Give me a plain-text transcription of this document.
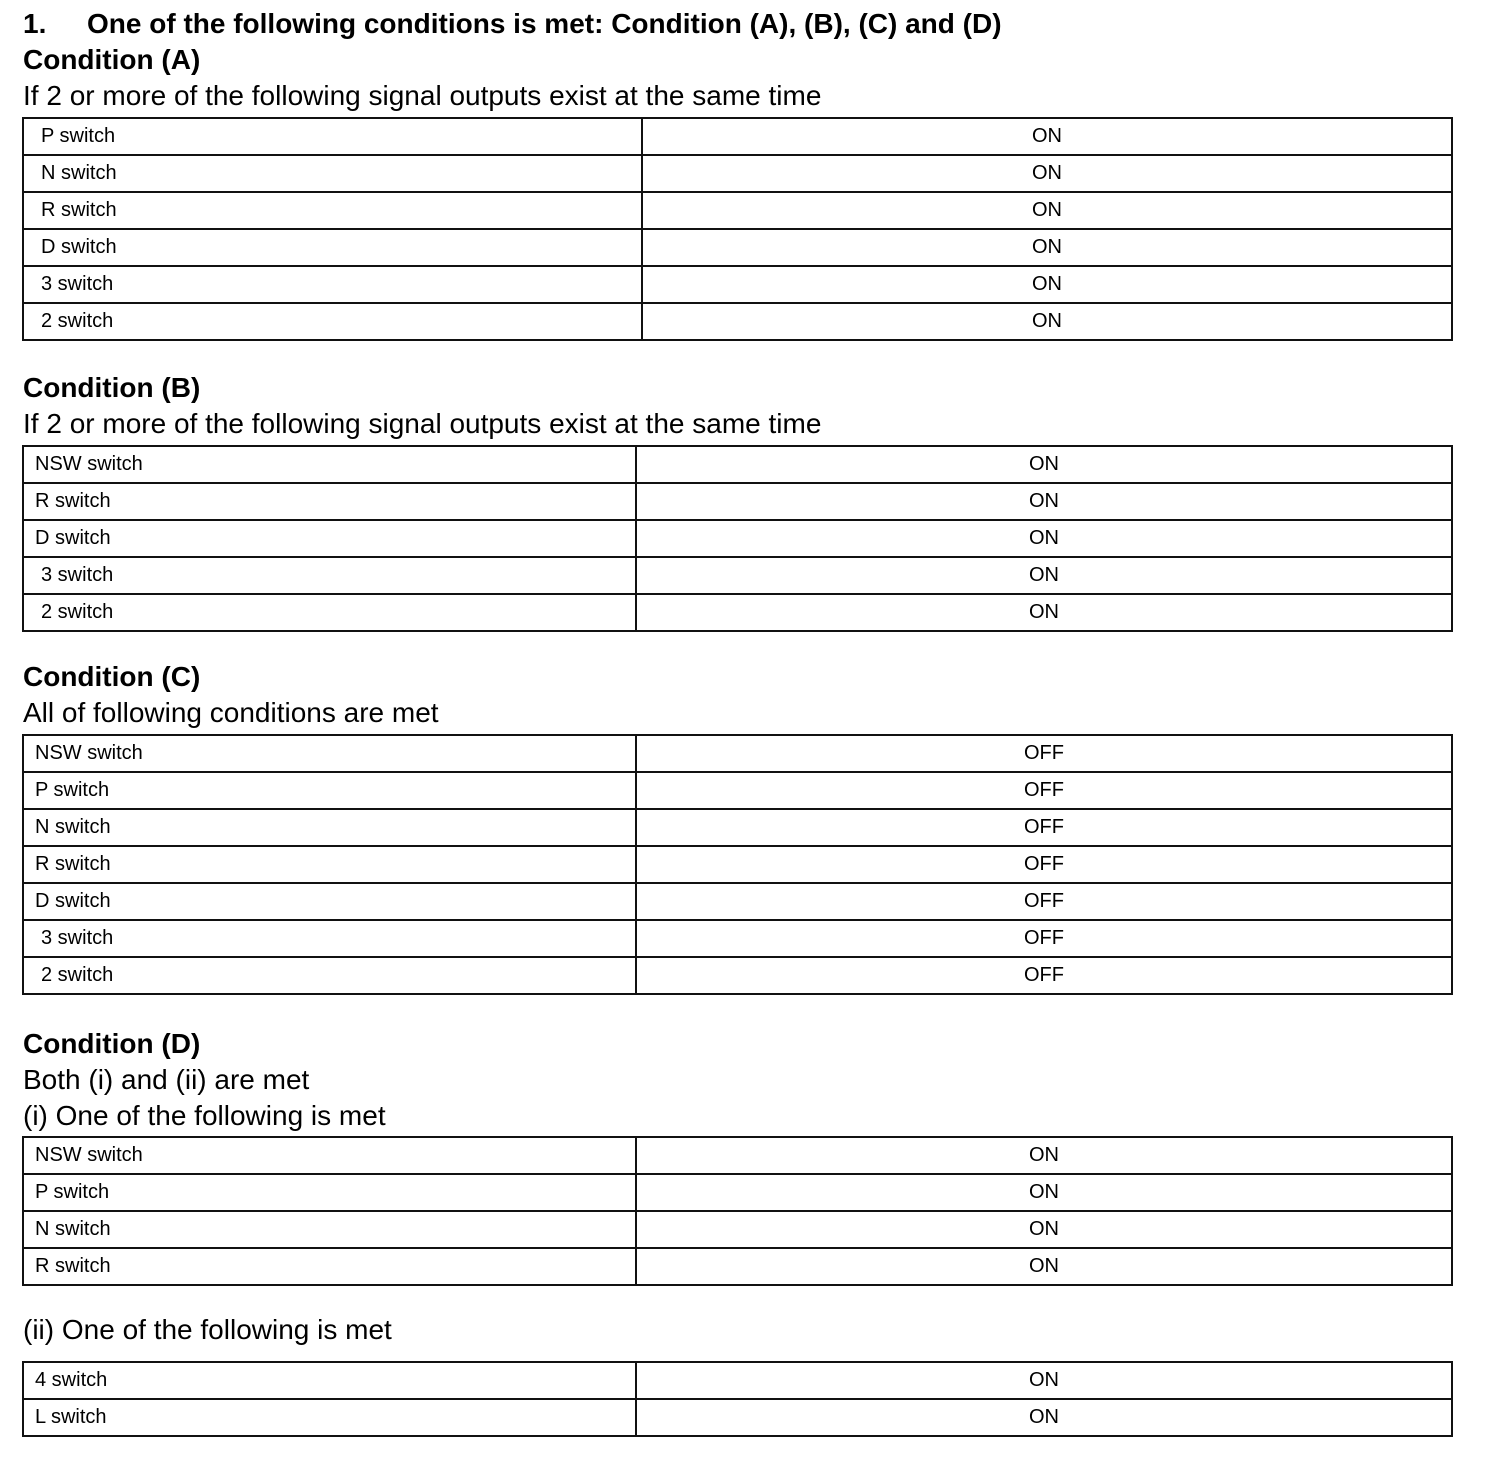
1. One of the following conditions is met: Condition (A), (B), (C) and (D)
Condition (A)
If 2 or more of the following signal outputs exist at the same time
P switch	ON
N switch	ON
R switch	ON
D switch	ON
3 switch	ON
2 switch	ON
Condition (B)
If 2 or more of the following signal outputs exist at the same time
NSW switch	ON
R switch	ON
D switch	ON
3 switch	ON
2 switch	ON
Condition (C)
All of following conditions are met
NSW switch	OFF
P switch	OFF
N switch	OFF
R switch	OFF
D switch	OFF
3 switch	OFF
2 switch	OFF
Condition (D)
Both (i) and (ii) are met
(i) One of the following is met
NSW switch	ON
P switch	ON
N switch	ON
R switch	ON
(ii) One of the following is met
4 switch	ON
L switch	ON
